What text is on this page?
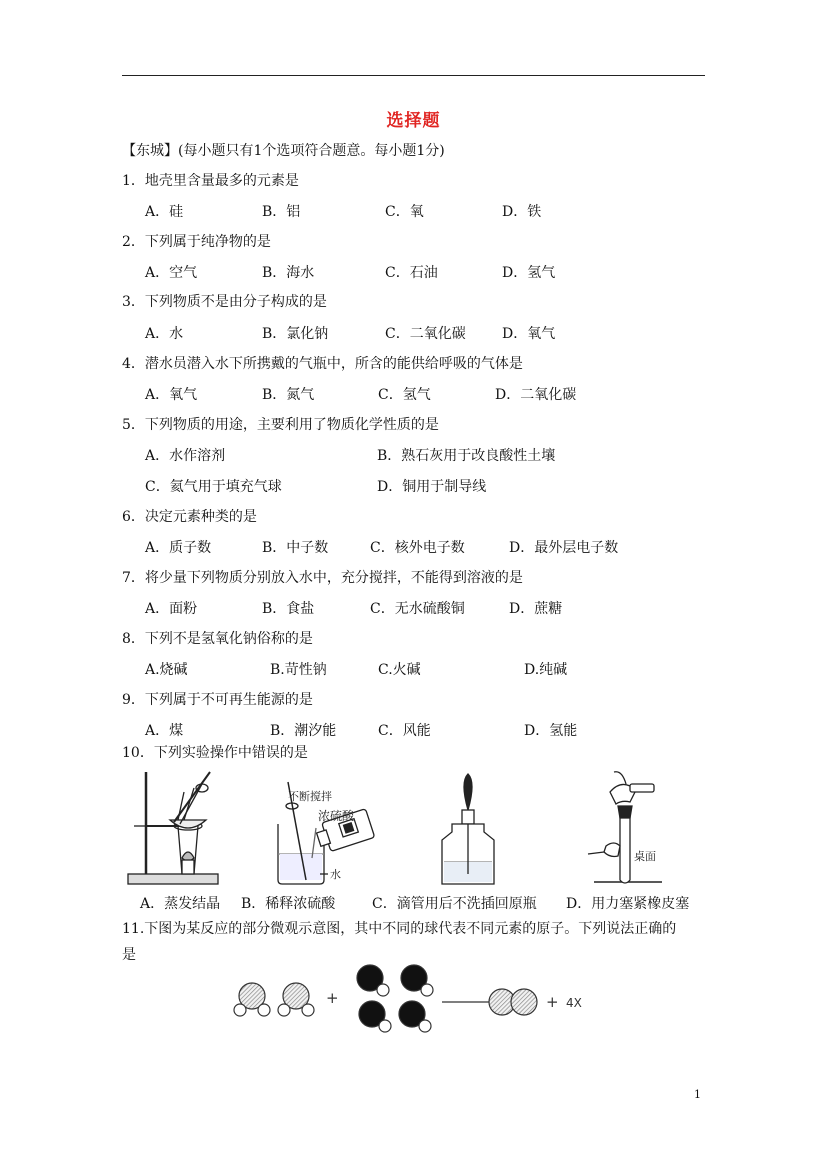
选择题
【东城】(每小题只有1个选项符合题意。每小题1分)
1．地壳里含量最多的元素是
A．硅	B．铝	C．氧	D．铁
2．下列属于纯净物的是
A．空气	B．海水	C．石油	D．氢气
3．下列物质不是由分子构成的是
A．水	B．氯化钠	C．二氧化碳	D．氧气
4．潜水员潜入水下所携戴的气瓶中，所含的能供给呼吸的气体是
A．氧气	B．氮气	C．氢气	D．二氧化碳
5．下列物质的用途，主要利用了物质化学性质的是
A．水作溶剂	B．熟石灰用于改良酸性土壤
C．氦气用于填充气球	D．铜用于制导线
6．决定元素种类的是
A．质子数	B．中子数	C．核外电子数	D．最外层电子数
7．将少量下列物质分别放入水中，充分搅拌，不能得到溶液的是
A．面粉	B．食盐	C．无水硫酸铜	D．蔗糖
8．下列不是氢氧化钠俗称的是
A.烧碱	B.苛性钠	C.火碱	D.纯碱
9．下列属于不可再生能源的是
A．煤	B．潮汐能	C．风能	D．氢能
10．下列实验操作中错误的是
不断搅拌
浓硫酸
水
桌面
A．蒸发结晶 B．稀释浓硫酸	C．滴管用后不洗插回原瓶 D．用力塞紧橡皮塞
11.下图为某反应的部分微观示意图，其中不同的球代表不同元素的原子。下列说法正确的
是
+	+ 4X
1
